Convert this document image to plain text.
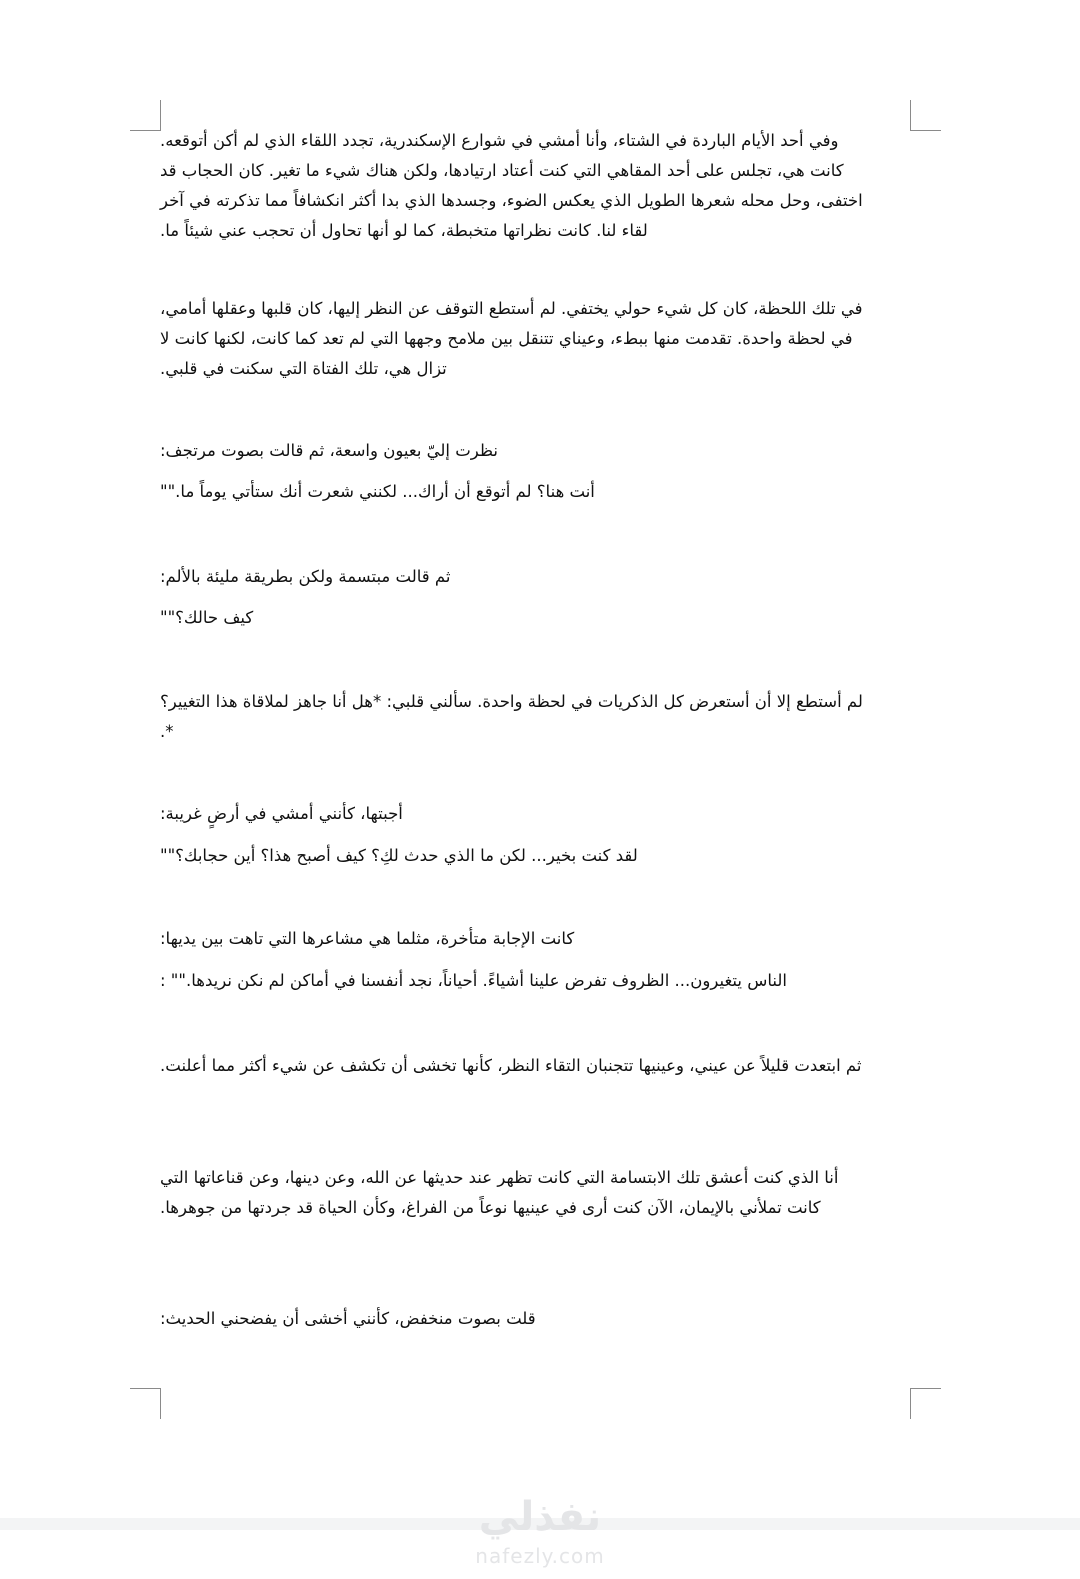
وفي أحد الأيام الباردة في الشتاء، وأنا أمشي في شوارع الإسكندرية، تجدد اللقاء الذي لم أكن أتوقعه. كانت هي، تجلس على أحد المقاهي التي كنت أعتاد ارتيادها، ولكن هناك شيء ما تغير. كان الحجاب قد اختفى، وحل محله شعرها الطويل الذي يعكس الضوء، وجسدها الذي بدا أكثر انكشافاً مما تذكرته في آخر لقاء لنا. كانت نظراتها متخبطة، كما لو أنها تحاول أن تحجب عني شيئاً ما.

في تلك اللحظة، كان كل شيء حولي يختفي. لم أستطع التوقف عن النظر إليها، كان قلبها وعقلها أمامي، في لحظة واحدة. تقدمت منها ببطء، وعيناي تتنقل بين ملامح وجهها التي لم تعد كما كانت، لكنها كانت لا تزال هي، تلك الفتاة التي سكنت في قلبي.

نظرت إليّ بعيون واسعة، ثم قالت بصوت مرتجف:

أنت هنا؟ لم أتوقع أن أراك... لكنني شعرت أنك ستأتي يوماً ما.""

ثم قالت مبتسمة ولكن بطريقة مليئة بالألم:

كيف حالك؟""

لم أستطع إلا أن أستعرض كل الذكريات في لحظة واحدة. سألني قلبي: *هل أنا جاهز لملاقاة هذا التغيير؟*.

أجبتها، كأنني أمشي في أرضٍ غريبة:

لقد كنت بخير... لكن ما الذي حدث لكِ؟ كيف أصبح هذا؟ أين حجابك؟""

كانت الإجابة متأخرة، مثلما هي مشاعرها التي تاهت بين يديها:

الناس يتغيرون... الظروف تفرض علينا أشياءً. أحياناً، نجد أنفسنا في أماكن لم نكن نريدها."" :

ثم ابتعدت قليلاً عن عيني، وعينيها تتجنبان التقاء النظر، كأنها تخشى أن تكشف عن شيء أكثر مما أعلنت.

أنا الذي كنت أعشق تلك الابتسامة التي كانت تظهر عند حديثها عن الله، وعن دينها، وعن قناعاتها التي كانت تملأني بالإيمان، الآن كنت أرى في عينيها نوعاً من الفراغ، وكأن الحياة قد جردتها من جوهرها.

قلت بصوت منخفض، كأنني أخشى أن يفضحني الحديث:

نفذلي
nafezly.com
